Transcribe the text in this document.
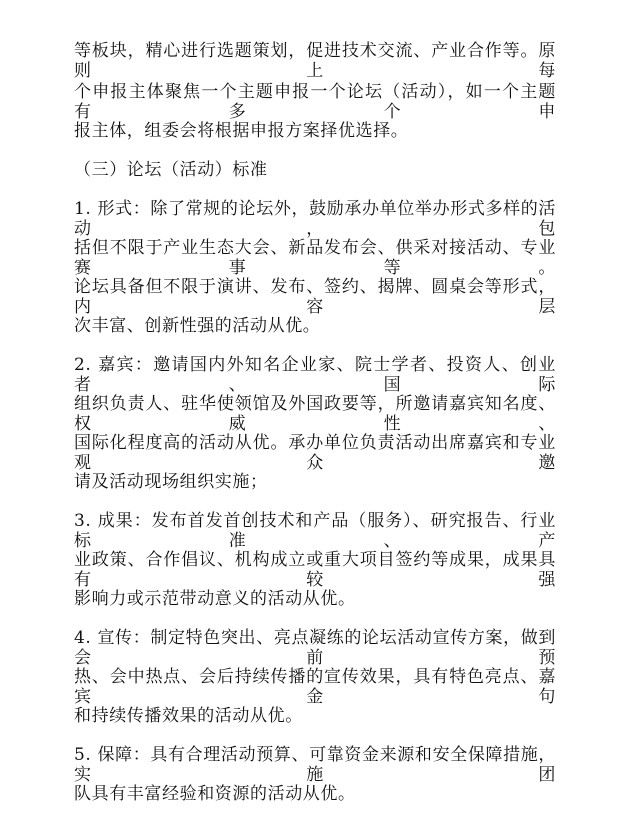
等板块，精心进行选题策划，促进技术交流、产业合作等。原则上每
个申报主体聚焦一个主题申报一个论坛（活动），如一个主题有多个申
报主体，组委会将根据申报方案择优选择。
（三）论坛（活动）标准
1. 形式：除了常规的论坛外，鼓励承办单位举办形式多样的活动，包
括但不限于产业生态大会、新品发布会、供采对接活动、专业赛事等。
论坛具备但不限于演讲、发布、签约、揭牌、圆桌会等形式，内容层
次丰富、创新性强的活动从优。
2. 嘉宾：邀请国内外知名企业家、院士学者、投资人、创业者、国际
组织负责人、驻华使领馆及外国政要等，所邀请嘉宾知名度、权威性、
国际化程度高的活动从优。承办单位负责活动出席嘉宾和专业观众邀
请及活动现场组织实施；
3. 成果：发布首发首创技术和产品（服务）、研究报告、行业标准、产
业政策、合作倡议、机构成立或重大项目签约等成果，成果具有较强
影响力或示范带动意义的活动从优。
4. 宣传：制定特色突出、亮点凝练的论坛活动宣传方案，做到会前预
热、会中热点、会后持续传播的宣传效果，具有特色亮点、嘉宾金句
和持续传播效果的活动从优。
5. 保障：具有合理活动预算、可靠资金来源和安全保障措施，实施团
队具有丰富经验和资源的活动从优。
